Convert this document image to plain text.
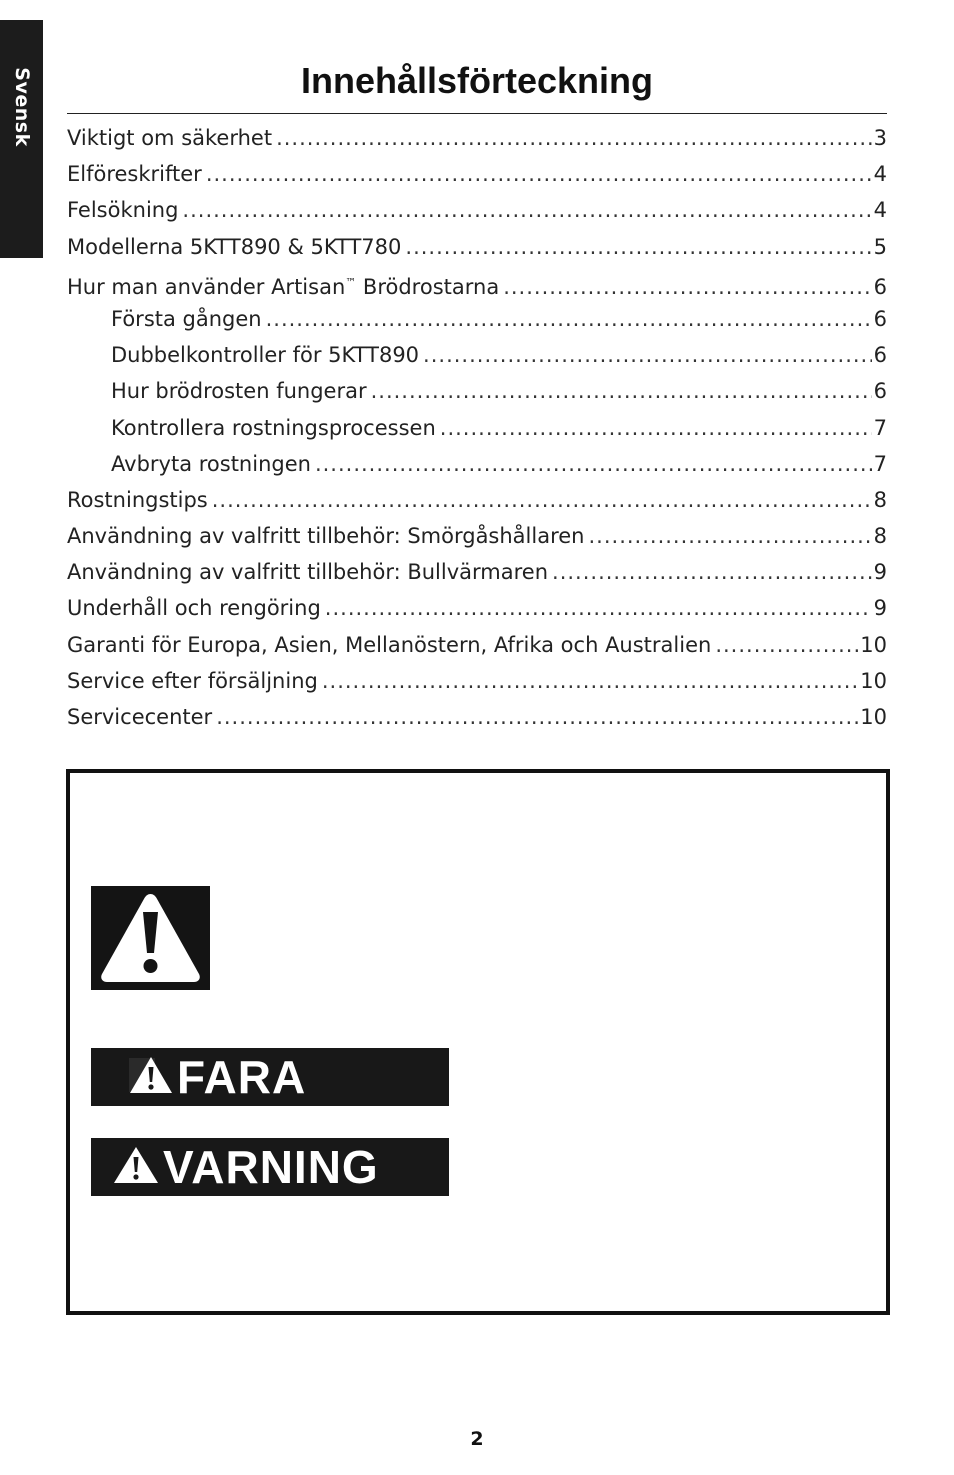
Svensk	Innehållsförteckning
Viktigt om säkerhet .....	3
Elföreskrifter .....	4
Felsökning .....	4
Modellerna 5KTT890 & 5KTT780 .....	5
Hur man använder Artisan™ Brödrostarna .....	6
Första gången .....	6
Dubbelkontroller för 5KTT890 .....	6
Hur brödrosten fungerar .....	6
Kontrollera rostningsprocessen .....	7
Avbryta rostningen .....	7
Rostningstips .....	8
Användning av valfritt tillbehör: Smörgåshållaren .....	8
Användning av valfritt tillbehör: Bullvärmaren .....	9
Underhåll och rengöring .....	9
Garanti för Europa, Asien, Mellanöstern, Afrika och Australien .....	10
Service efter försäljning .....	10
Servicecenter .....	10
FARA
VARNING
2
